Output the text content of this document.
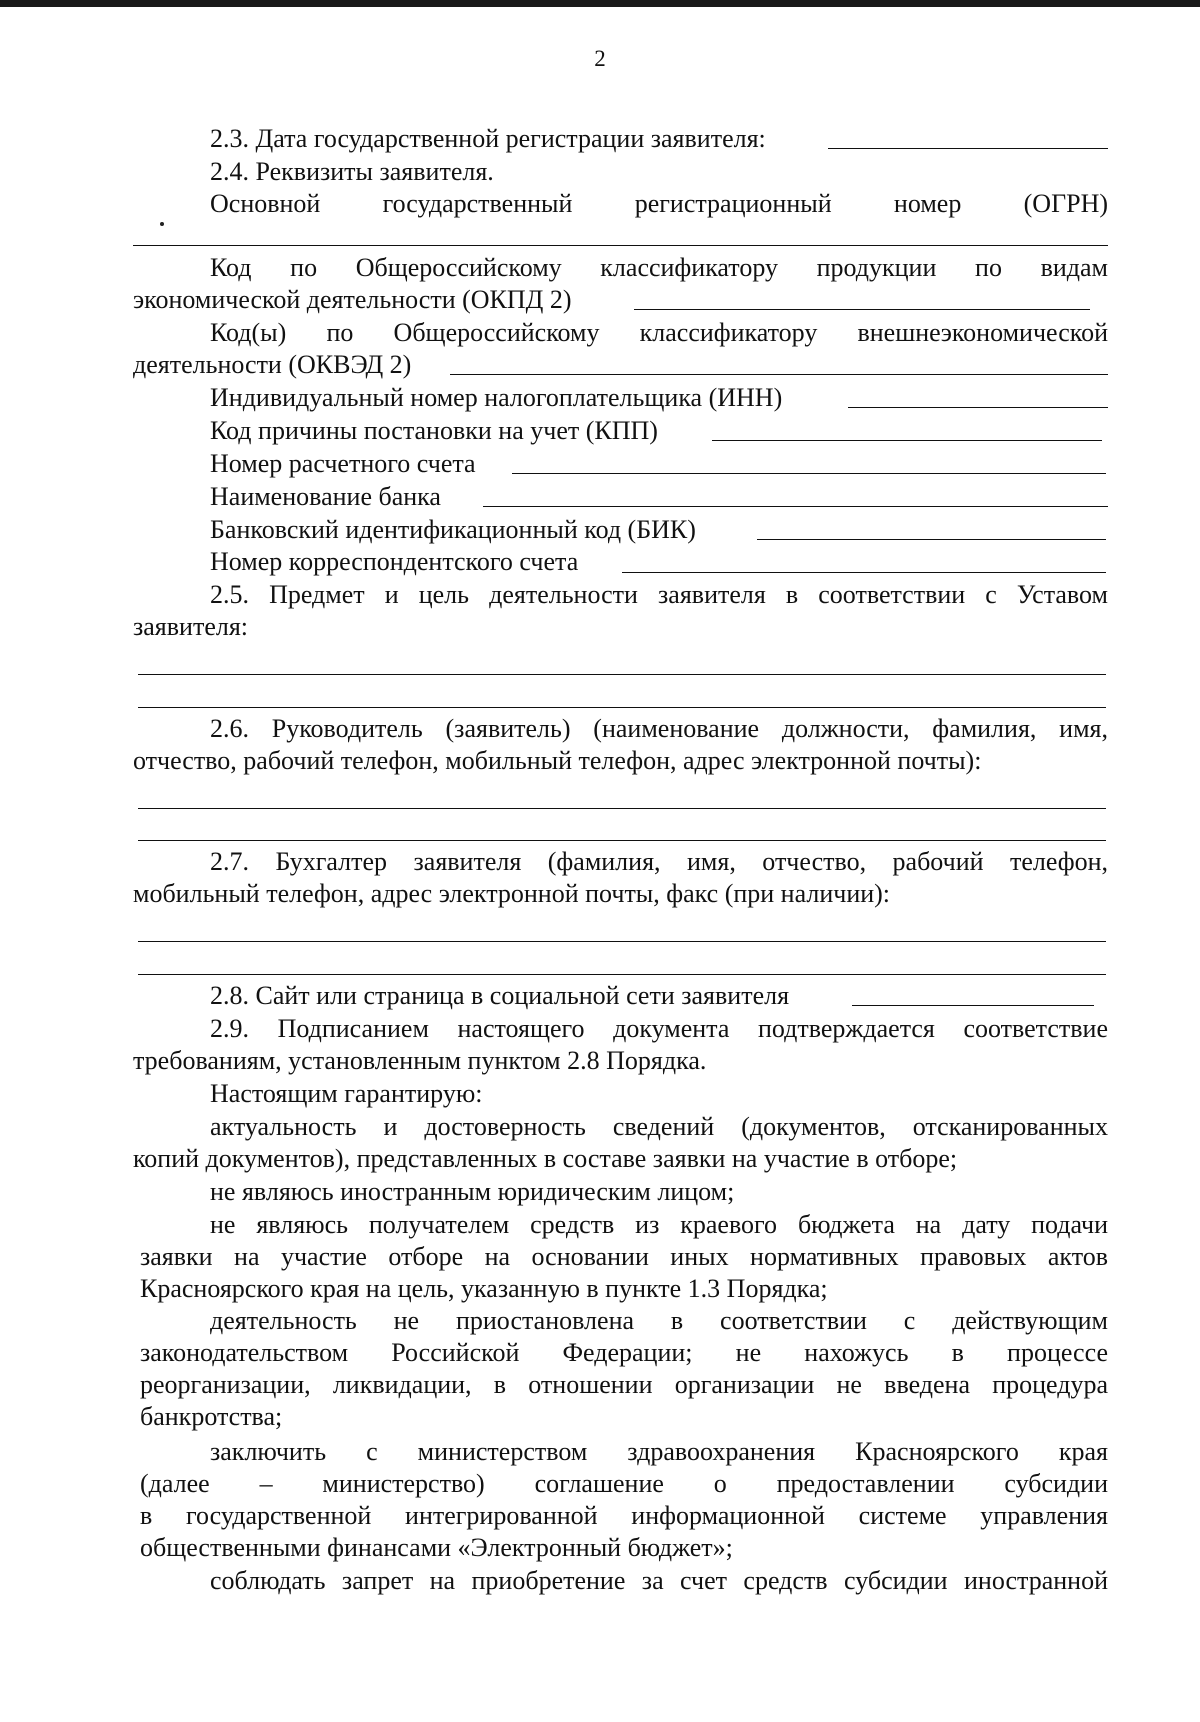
2
2.3. Дата государственной регистрации заявителя:
2.4. Реквизиты заявителя.
Основной государственный регистрационный номер (ОГРН)
Код по Общероссийскому классификатору продукции по видам
экономической деятельности (ОКПД 2)
Код(ы) по Общероссийскому классификатору внешнеэкономической
деятельности (ОКВЭД 2)
Индивидуальный номер налогоплательщика (ИНН)
Код причины постановки на учет (КПП)
Номер расчетного счета
Наименование банка
Банковский идентификационный код (БИК)
Номер корреспондентского счета
2.5. Предмет и цель деятельности заявителя в соответствии с Уставом
заявителя:
2.6. Руководитель (заявитель) (наименование должности, фамилия, имя,
отчество, рабочий телефон, мобильный телефон, адрес электронной почты):
2.7. Бухгалтер заявителя (фамилия, имя, отчество, рабочий телефон,
мобильный телефон, адрес электронной почты, факс (при наличии):
2.8. Сайт или страница в социальной сети заявителя
2.9. Подписанием настоящего документа подтверждается соответствие
требованиям, установленным пунктом 2.8 Порядка.
Настоящим гарантирую:
актуальность и достоверность сведений (документов, отсканированных
копий документов), представленных в составе заявки на участие в отборе;
не являюсь иностранным юридическим лицом;
не являюсь получателем средств из краевого бюджета на дату подачи
заявки на участие отборе на основании иных нормативных правовых актов
Красноярского края на цель, указанную в пункте 1.3 Порядка;
деятельность не приостановлена в соответствии с действующим
законодательством Российской Федерации; не нахожусь в процессе
реорганизации, ликвидации, в отношении организации не введена процедура
банкротства;
заключить с министерством здравоохранения Красноярского края
(далее – министерство) соглашение о предоставлении субсидии
в государственной интегрированной информационной системе управления
общественными финансами «Электронный бюджет»;
соблюдать запрет на приобретение за счет средств субсидии иностранной
